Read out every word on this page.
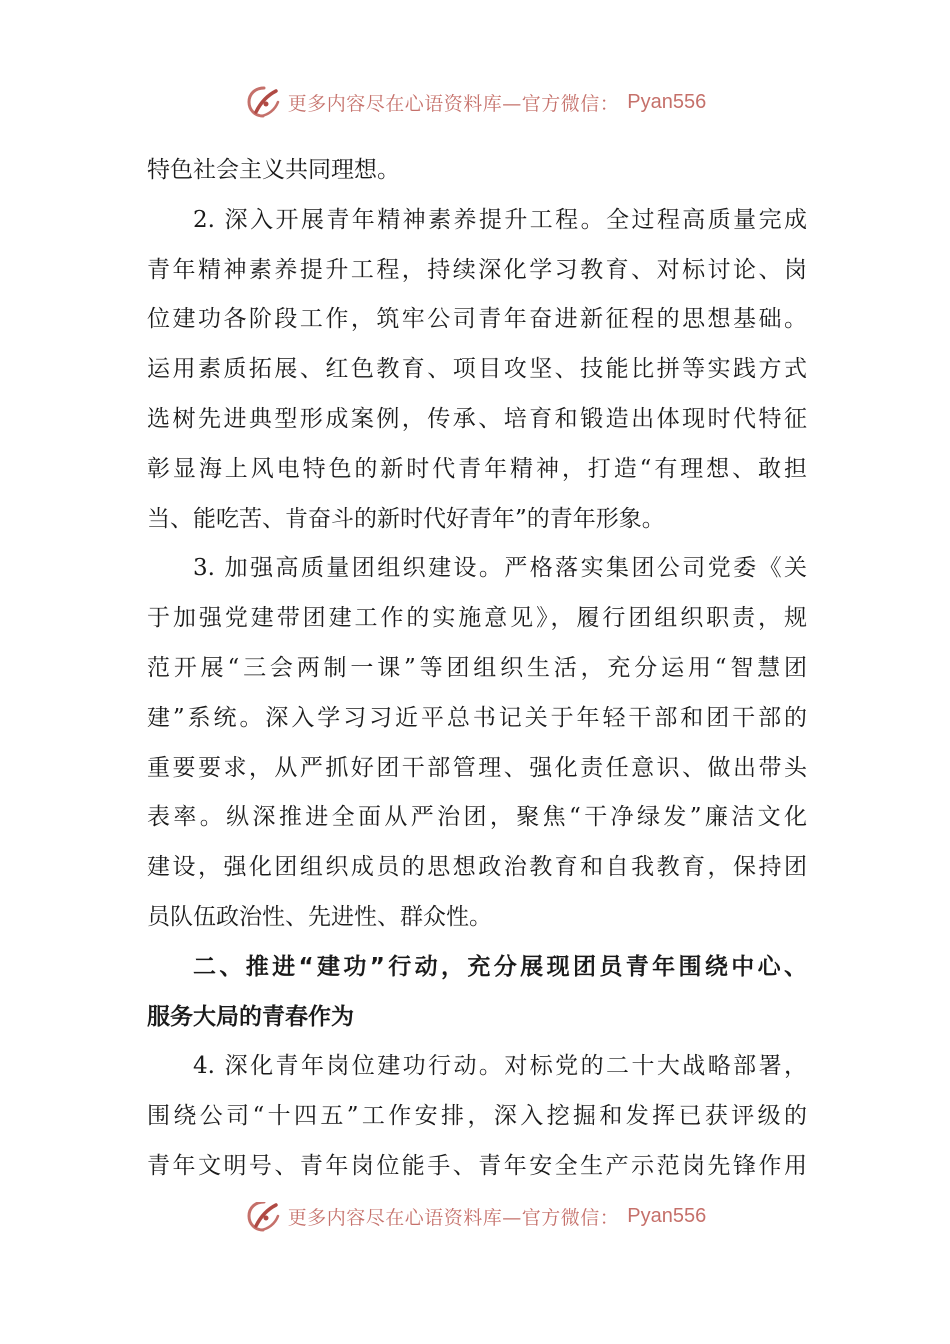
更多内容尽在心语资料库—官方微信： Pyan556
特色社会主义共同理想。
2. 深入开展青年精神素养提升工程。全过程高质量完成
青年精神素养提升工程，持续深化学习教育、对标讨论、岗
位建功各阶段工作，筑牢公司青年奋进新征程的思想基础。
运用素质拓展、红色教育、项目攻坚、技能比拼等实践方式
选树先进典型形成案例，传承、培育和锻造出体现时代特征
彰显海上风电特色的新时代青年精神，打造“有理想、敢担
当、能吃苦、肯奋斗的新时代好青年”的青年形象。
3. 加强高质量团组织建设。严格落实集团公司党委《关
于加强党建带团建工作的实施意见》，履行团组织职责，规
范开展“三会两制一课”等团组织生活，充分运用“智慧团
建”系统。深入学习习近平总书记关于年轻干部和团干部的
重要要求，从严抓好团干部管理、强化责任意识、做出带头
表率。纵深推进全面从严治团，聚焦“干净绿发”廉洁文化
建设，强化团组织成员的思想政治教育和自我教育，保持团
员队伍政治性、先进性、群众性。
二、推进“建功”行动，充分展现团员青年围绕中心、
服务大局的青春作为
4. 深化青年岗位建功行动。对标党的二十大战略部署，
围绕公司“十四五”工作安排，深入挖掘和发挥已获评级的
青年文明号、青年岗位能手、青年安全生产示范岗先锋作用
更多内容尽在心语资料库—官方微信： Pyan556
